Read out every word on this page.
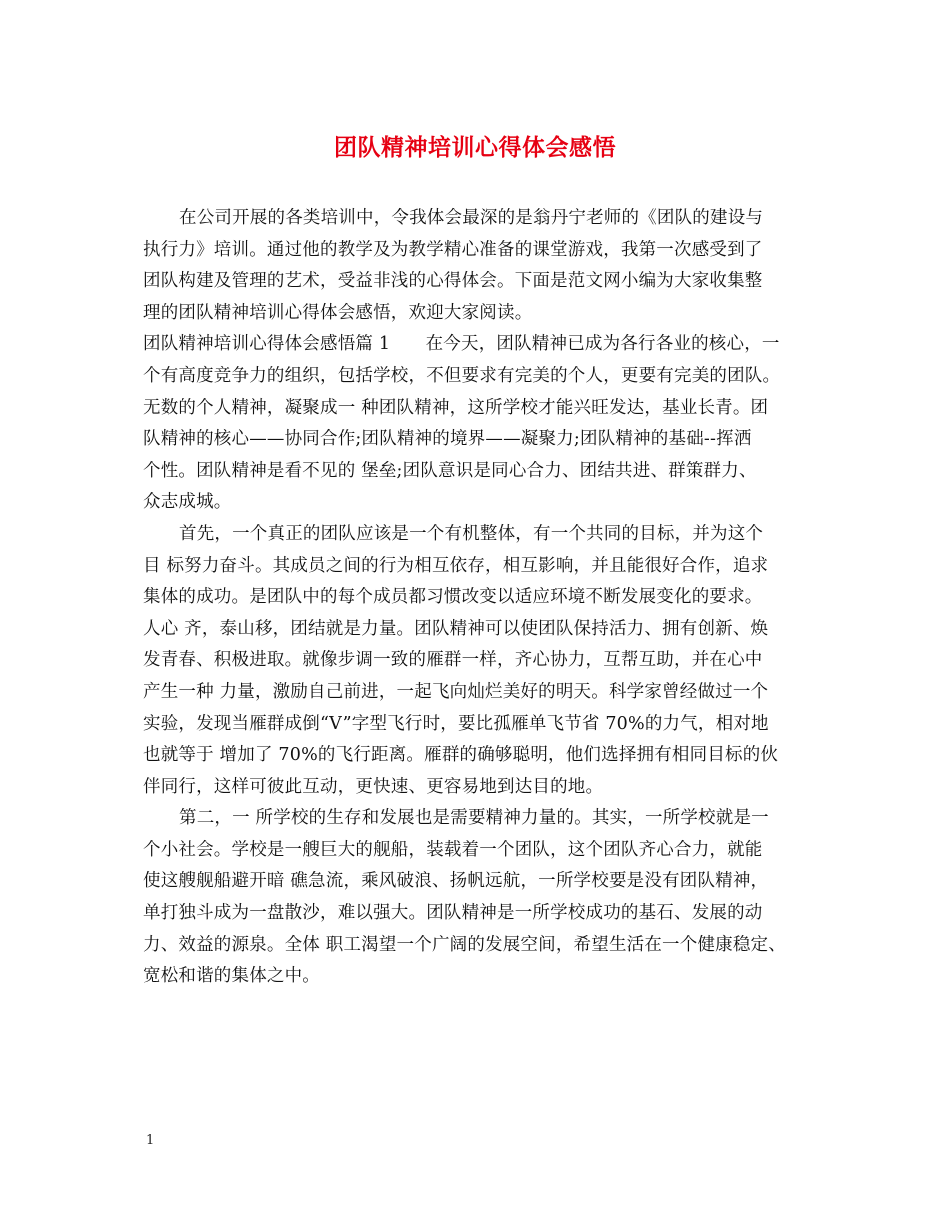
团队精神培训心得体会感悟
在公司开展的各类培训中，令我体会最深的是翁丹宁老师的《团队的建设与
执行力》培训。通过他的教学及为教学精心准备的课堂游戏，我第一次感受到了
团队构建及管理的艺术，受益非浅的心得体会。下面是范文网小编为大家收集整
理的团队精神培训心得体会感悟，欢迎大家阅读。
团队精神培训心得体会感悟篇 1　　在今天，团队精神已成为各行各业的核心，一
个有高度竞争力的组织，包括学校，不但要求有完美的个人，更要有完美的团队。
无数的个人精神，凝聚成一 种团队精神，这所学校才能兴旺发达，基业长青。团
队精神的核心——协同合作;团队精神的境界——凝聚力;团队精神的基础--挥洒
个性。团队精神是看不见的 堡垒;团队意识是同心合力、团结共进、群策群力、
众志成城。
首先，一个真正的团队应该是一个有机整体，有一个共同的目标，并为这个
目 标努力奋斗。其成员之间的行为相互依存，相互影响，并且能很好合作，追求
集体的成功。是团队中的每个成员都习惯改变以适应环境不断发展变化的要求。
人心 齐，泰山移，团结就是力量。团队精神可以使团队保持活力、拥有创新、焕
发青春、积极进取。就像步调一致的雁群一样，齐心协力，互帮互助，并在心中
产生一种 力量，激励自己前进，一起飞向灿烂美好的明天。科学家曾经做过一个
实验，发现当雁群成倒“V”字型飞行时，要比孤雁单飞节省 70%的力气，相对地
也就等于 增加了 70%的飞行距离。雁群的确够聪明，他们选择拥有相同目标的伙
伴同行，这样可彼此互动，更快速、更容易地到达目的地。
第二，一 所学校的生存和发展也是需要精神力量的。其实，一所学校就是一
个小社会。学校是一艘巨大的舰船，装载着一个团队，这个团队齐心合力，就能
使这艘舰船避开暗 礁急流，乘风破浪、扬帆远航，一所学校要是没有团队精神，
单打独斗成为一盘散沙，难以强大。团队精神是一所学校成功的基石、发展的动
力、效益的源泉。全体 职工渴望一个广阔的发展空间，希望生活在一个健康稳定、
宽松和谐的集体之中。
1
